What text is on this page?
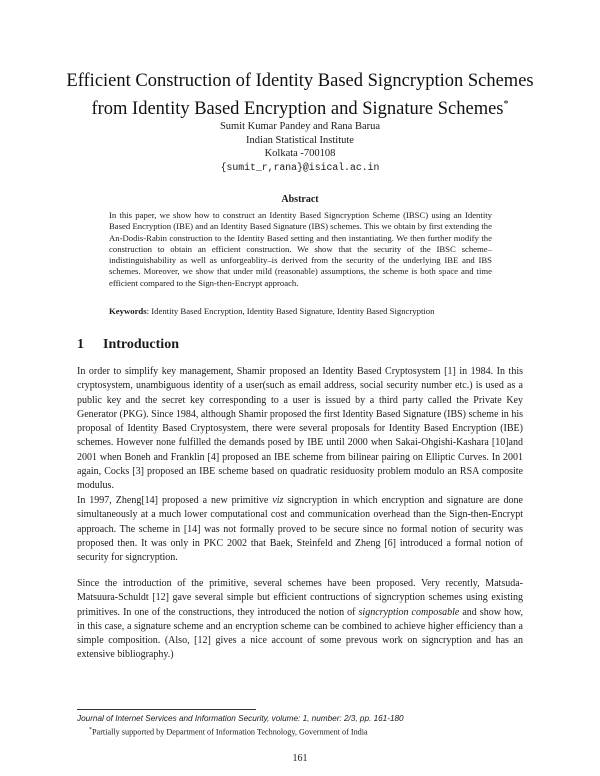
Efficient Construction of Identity Based Signcryption Schemes
from Identity Based Encryption and Signature Schemes*
Sumit Kumar Pandey and Rana Barua
Indian Statistical Institute
Kolkata -700108
{sumit_r,rana}@isical.ac.in
Abstract

In this paper, we show how to construct an Identity Based Signcryption Scheme (IBSC) using an Identity Based Encryption (IBE) and an Identity Based Signature (IBS) schemes. This we obtain by first extending the An-Dodis-Rabin construction to the Identity Based setting and then instantiating. We then further modify the construction to obtain an efficient construction. We show that the security of the IBSC scheme–indistinguishability as well as unforgeablity–is derived from the security of the underlying IBE and IBS schemes. Moreover, we show that under mild (reasonable) assumptions, the scheme is both space and time efficient compared to the Sign-then-Encrypt approach.

Keywords: Identity Based Encryption, Identity Based Signature, Identity Based Signcryption

1 Introduction

In order to simplify key management, Shamir proposed an Identity Based Cryptosystem [1] in 1984. In this cryptosystem, unambiguous identity of a user(such as email address, social security number etc.) is used as a public key and the secret key corresponding to a user is issued by a third party called the Private Key Generator (PKG). Since 1984, although Shamir proposed the first Identity Based Signature (IBS) scheme in his proposal of Identity Based Cryptosystem, there were several proposals for Identity Based Encryption (IBE) schemes. However none fulfilled the demands posed by IBE until 2000 when Sakai-Ohgishi-Kashara [10]and 2001 when Boneh and Franklin [4] proposed an IBE scheme from bilinear pairing on Elliptic Curves. In 2001 again, Cocks [3] proposed an IBE scheme based on quadratic residuosity problem modulo an RSA composite modulus.

In 1997, Zheng[14] proposed a new primitive viz signcryption in which encryption and signature are done simultaneously at a much lower computational cost and communication overhead than the Sign-then-Encrypt approach. The scheme in [14] was not formally proved to be secure since no formal notion of security was proposed then. It was only in PKC 2002 that Baek, Steinfeld and Zheng [6] introduced a formal notion of security for signcryption.

Since the introduction of the primitive, several schemes have been proposed. Very recently, Matsuda-Matsuura-Schuldt [12] gave several simple but efficient contructions of signcryption schemes using existing primitives. In one of the constructions, they introduced the notion of signcryption composable and show how, in this case, a signature scheme and an encryption scheme can be combined to achieve higher efficiency than a simple composition. (Also, [12] gives a nice account of some prevous work on signcryption and has an extensive bibliography.)

Journal of Internet Services and Information Security, volume: 1, number: 2/3, pp. 161-180
*Partially supported by Department of Information Technology, Government of India
161
